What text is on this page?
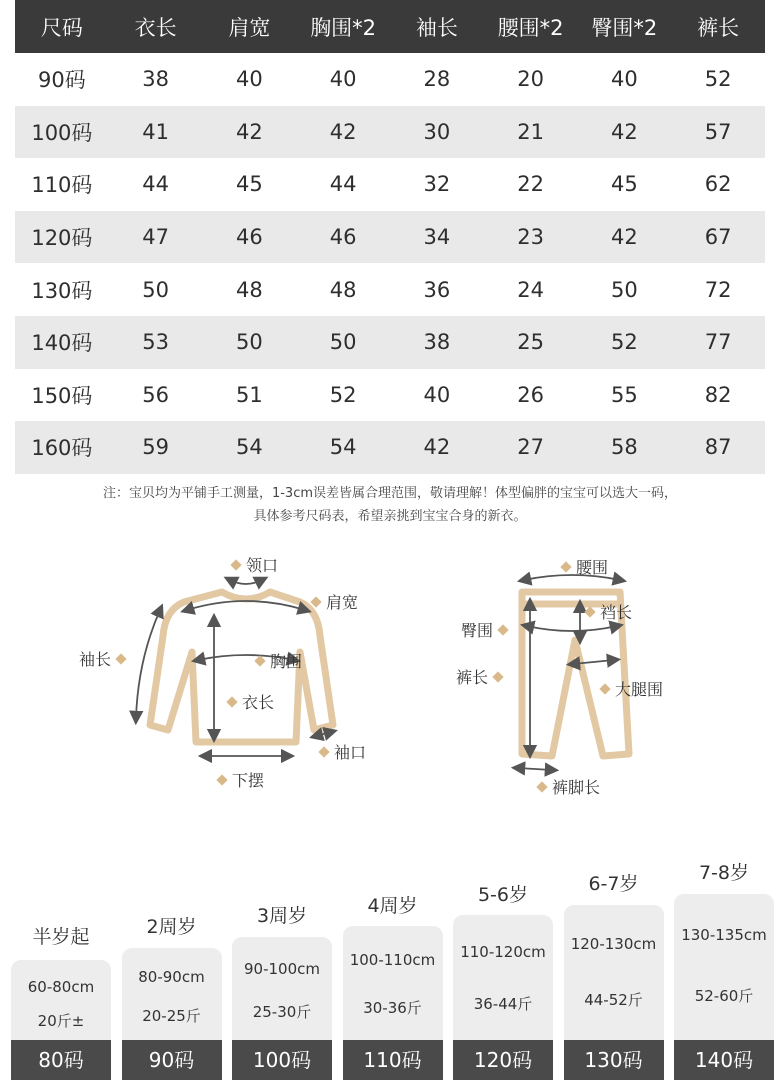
尺码	衣长	肩宽	胸围*2	袖长	腰围*2	臀围*2	裤长
90码	38	40	40	28	20	40	52
100码	41	42	42	30	21	42	57
110码	44	45	44	32	22	45	62
120码	47	46	46	34	23	42	67
130码	50	48	48	36	24	50	72
140码	53	50	50	38	25	52	77
150码	56	51	52	40	26	55	82
160码	59	54	54	42	27	58	87

注：宝贝均为平铺手工测量，1-3cm误差皆属合理范围，敬请理解！体型偏胖的宝宝可以选大一码，

具体参考尺码表，希望亲挑到宝宝合身的新衣。

领口
肩宽
袖长	胸围
衣长
袖口
下摆
腰围
臀围
裆长
裤长
大腿围
裤脚长
半岁起
60-80cm
20斤±
80码
2周岁
80-90cm
20-25斤
90码
3周岁
90-100cm
25-30斤
100码
4周岁
100-110cm
30-36斤
110码
5-6岁
110-120cm
36-44斤
120码
6-7岁
120-130cm
44-52斤
130码
7-8岁
130-135cm
52-60斤
140码
